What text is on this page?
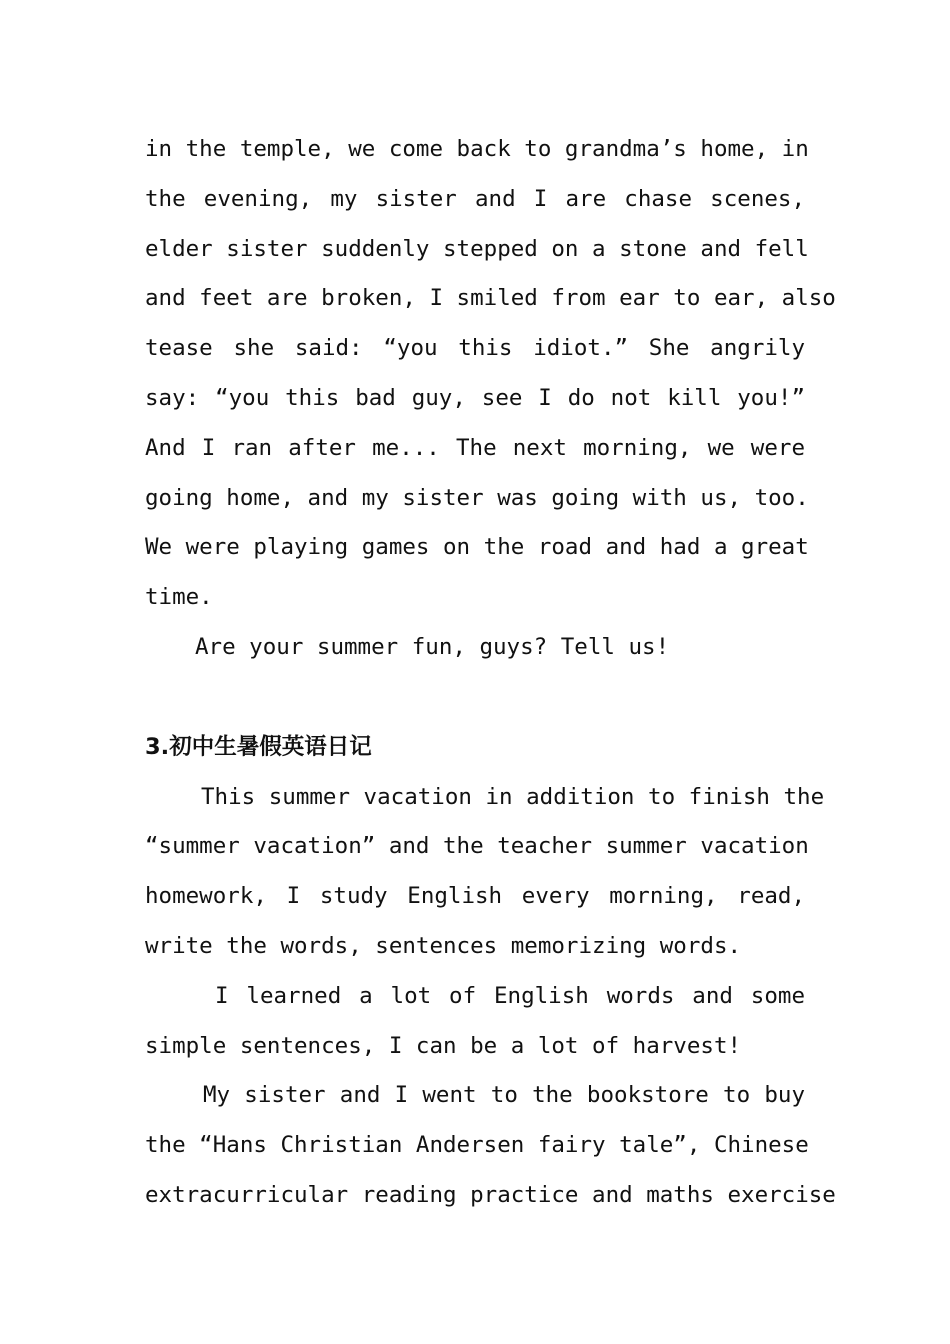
in the temple, we come back to grandma’s home, in
the evening, my sister and I are chase scenes,
elder sister suddenly stepped on a stone and fell
and feet are broken, I smiled from ear to ear, also
tease she said: “you this idiot.” She angrily
say: “you this bad guy, see I do not kill you!”
And I ran after me... The next morning, we were
going home, and my sister was going with us, too.
We were playing games on the road and had a great
time.

Are your summer fun, guys? Tell us!

3.初中生暑假英语日记

This summer vacation in addition to finish the
“summer vacation” and the teacher summer vacation
homework, I study English every morning, read,
write the words, sentences memorizing words.

I learned a lot of English words and some
simple sentences, I can be a lot of harvest!

My sister and I went to the bookstore to buy
the “Hans Christian Andersen fairy tale”, Chinese
extracurricular reading practice and maths exercise
